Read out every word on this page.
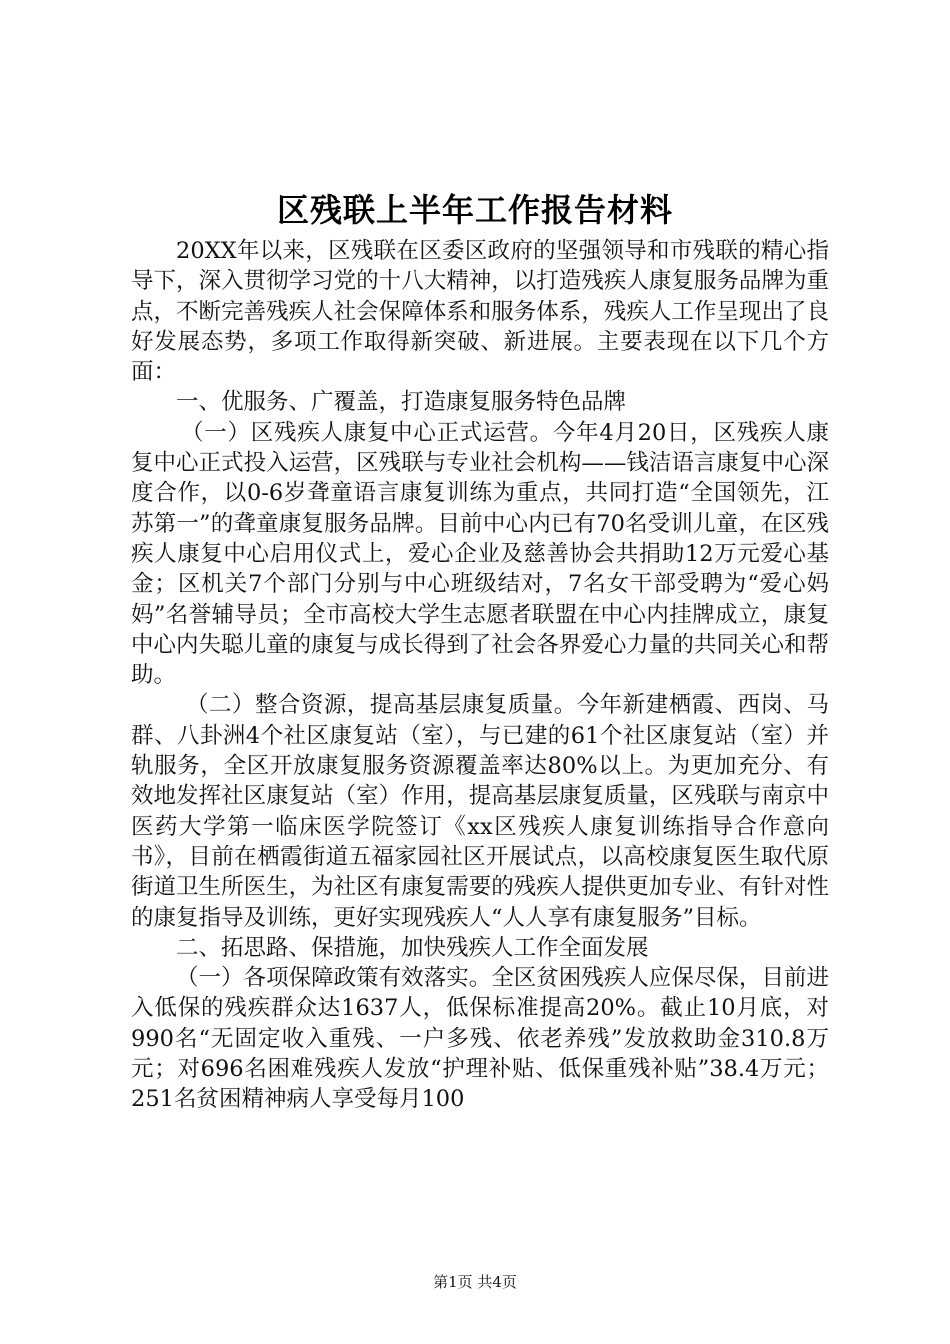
区残联上半年工作报告材料

20XX年以来，区残联在区委区政府的坚强领导和市残联的精心指导下，深入贯彻学习党的十八大精神，以打造残疾人康复服务品牌为重点，不断完善残疾人社会保障体系和服务体系，残疾人工作呈现出了良好发展态势，多项工作取得新突破、新进展。主要表现在以下几个方面：

一、优服务、广覆盖，打造康复服务特色品牌

（一）区残疾人康复中心正式运营。今年4月20日，区残疾人康复中心正式投入运营，区残联与专业社会机构——钱洁语言康复中心深度合作，以0-6岁聋童语言康复训练为重点，共同打造“全国领先，江苏第一”的聋童康复服务品牌。目前中心内已有70名受训儿童，在区残疾人康复中心启用仪式上，爱心企业及慈善协会共捐助12万元爱心基金；区机关7个部门分别与中心班级结对，7名女干部受聘为“爱心妈妈”名誉辅导员；全市高校大学生志愿者联盟在中心内挂牌成立，康复中心内失聪儿童的康复与成长得到了社会各界爱心力量的共同关心和帮助。

（二）整合资源，提高基层康复质量。今年新建栖霞、西岗、马群、八卦洲4个社区康复站（室），与已建的61个社区康复站（室）并轨服务，全区开放康复服务资源覆盖率达80%以上。为更加充分、有效地发挥社区康复站（室）作用，提高基层康复质量，区残联与南京中医药大学第一临床医学院签订《xx区残疾人康复训练指导合作意向书》，目前在栖霞街道五福家园社区开展试点，以高校康复医生取代原街道卫生所医生，为社区有康复需要的残疾人提供更加专业、有针对性的康复指导及训练，更好实现残疾人“人人享有康复服务”目标。

二、拓思路、保措施，加快残疾人工作全面发展

（一）各项保障政策有效落实。全区贫困残疾人应保尽保，目前进入低保的残疾群众达1637人，低保标准提高20%。截止10月底，对990名“无固定收入重残、一户多残、依老养残”发放救助金310.8万元；对696名困难残疾人发放“护理补贴、低保重残补贴”38.4万元；251名贫困精神病人享受每月100

第1页 共4页
